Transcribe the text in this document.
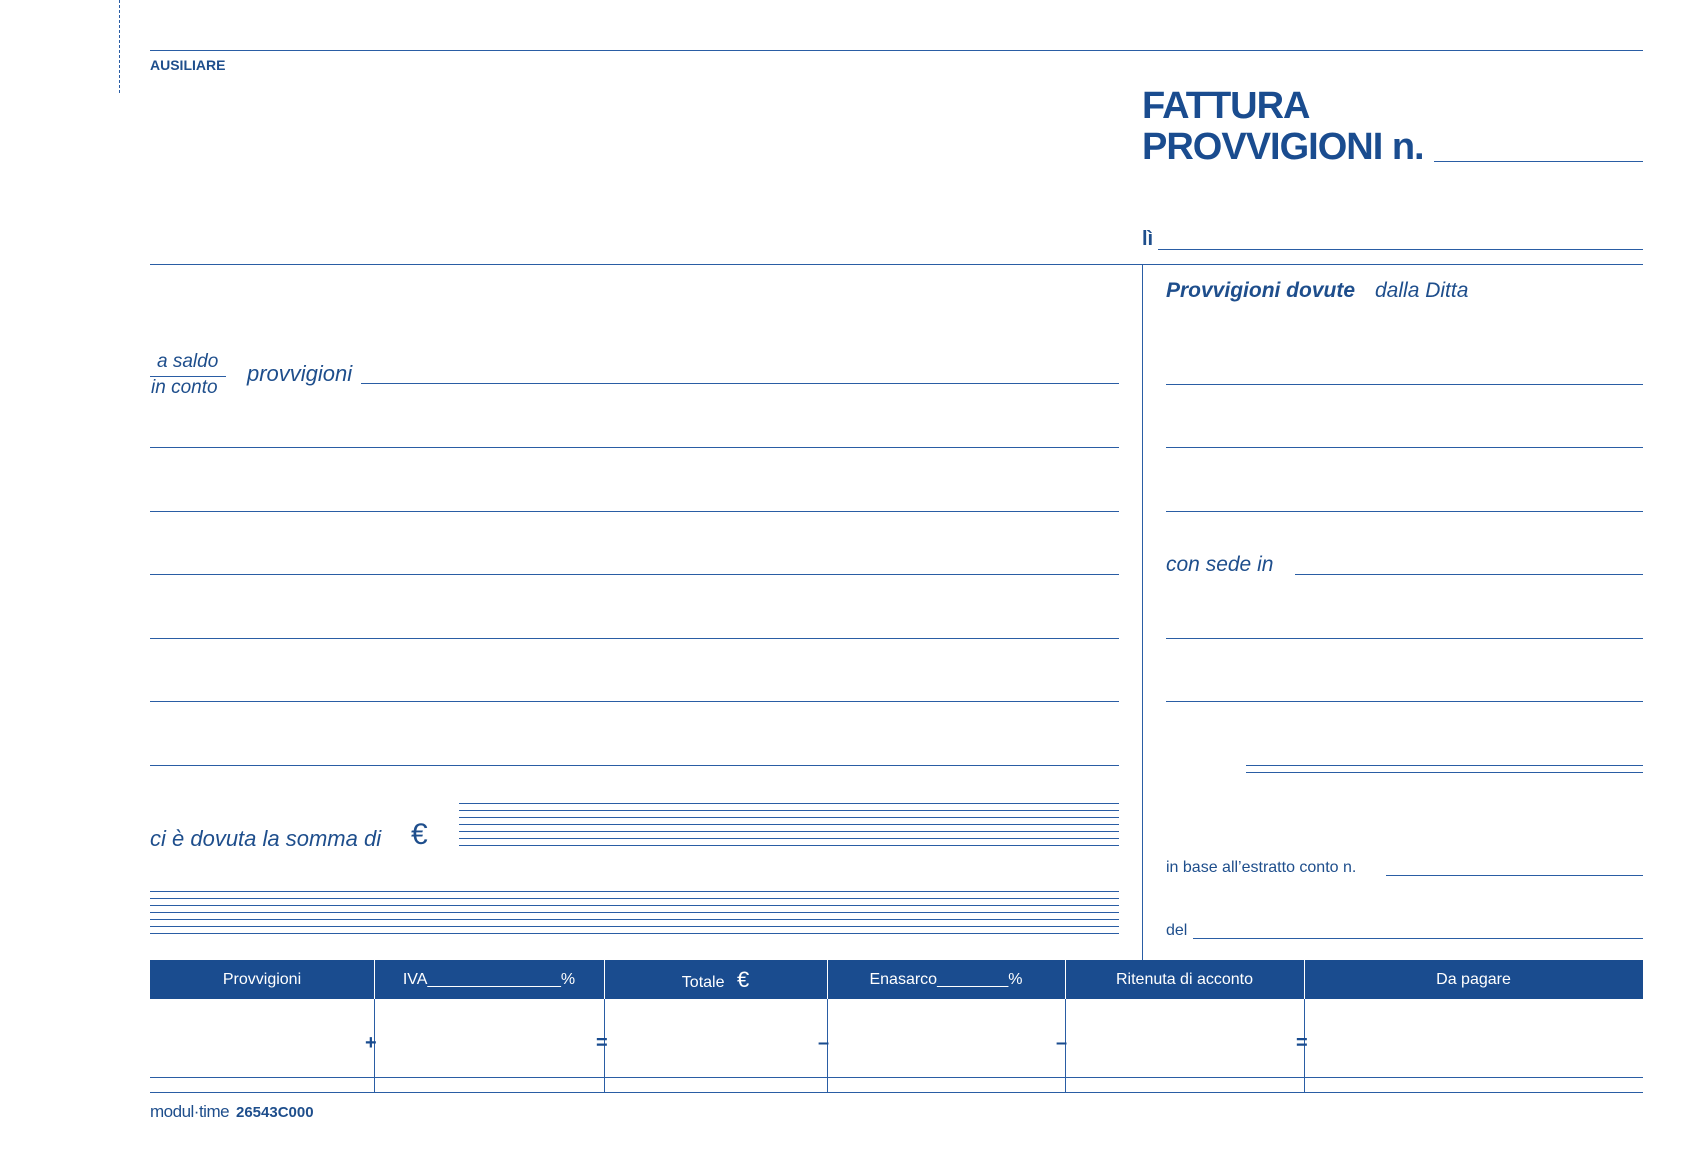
AUSILIARE
FATTURA
PROVVIGIONI n.
lì
Provvigioni dovute dalla Ditta
con sede in
in base all’estratto conto n.
del
a saldo
in conto
provvigioni
ci è dovuta la somma di €
Provvigioni	IVA_______________%	Totale €	Enasarco________%	Ritenuta di acconto	Da pagare
+	=	–	–	=
modul·time 26543C000
